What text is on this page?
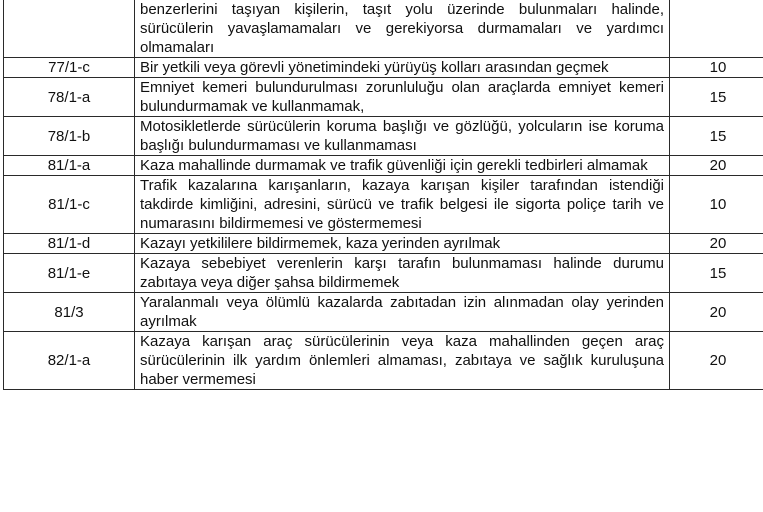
	benzerlerini taşıyan kişilerin, taşıt yolu üzerinde bulunmaları halinde, sürücülerin yavaşlamamaları ve gerekiyorsa durmamaları ve yardımcı olmamaları	
77/1-c	Bir yetkili veya görevli yönetimindeki yürüyüş kolları arasından geçmek	10
78/1-a	Emniyet kemeri bulundurulması zorunluluğu olan araçlarda emniyet kemeri bulundurmamak ve kullanmamak,	15
78/1-b	Motosikletlerde sürücülerin koruma başlığı ve gözlüğü, yolcuların ise koruma başlığı bulundurmaması ve kullanmaması	15
81/1-a	Kaza mahallinde durmamak ve trafik güvenliği için gerekli tedbirleri almamak	20
81/1-c	Trafik kazalarına karışanların, kazaya karışan kişiler tarafından istendiği takdirde kimliğini, adresini, sürücü ve trafik belgesi ile sigorta poliçe tarih ve numarasını bildirmemesi ve göstermemesi	10
81/1-d	Kazayı yetkililere bildirmemek, kaza yerinden ayrılmak	20
81/1-e	Kazaya sebebiyet verenlerin karşı tarafın bulunmaması halinde durumu zabıtaya veya diğer şahsa bildirmemek	15
81/3	Yaralanmalı veya ölümlü kazalarda zabıtadan izin alınmadan olay yerinden ayrılmak	20
82/1-a	Kazaya karışan araç sürücülerinin veya kaza mahallinden geçen araç sürücülerinin ilk yardım önlemleri almaması, zabıtaya ve sağlık kuruluşuna haber vermemesi	20
